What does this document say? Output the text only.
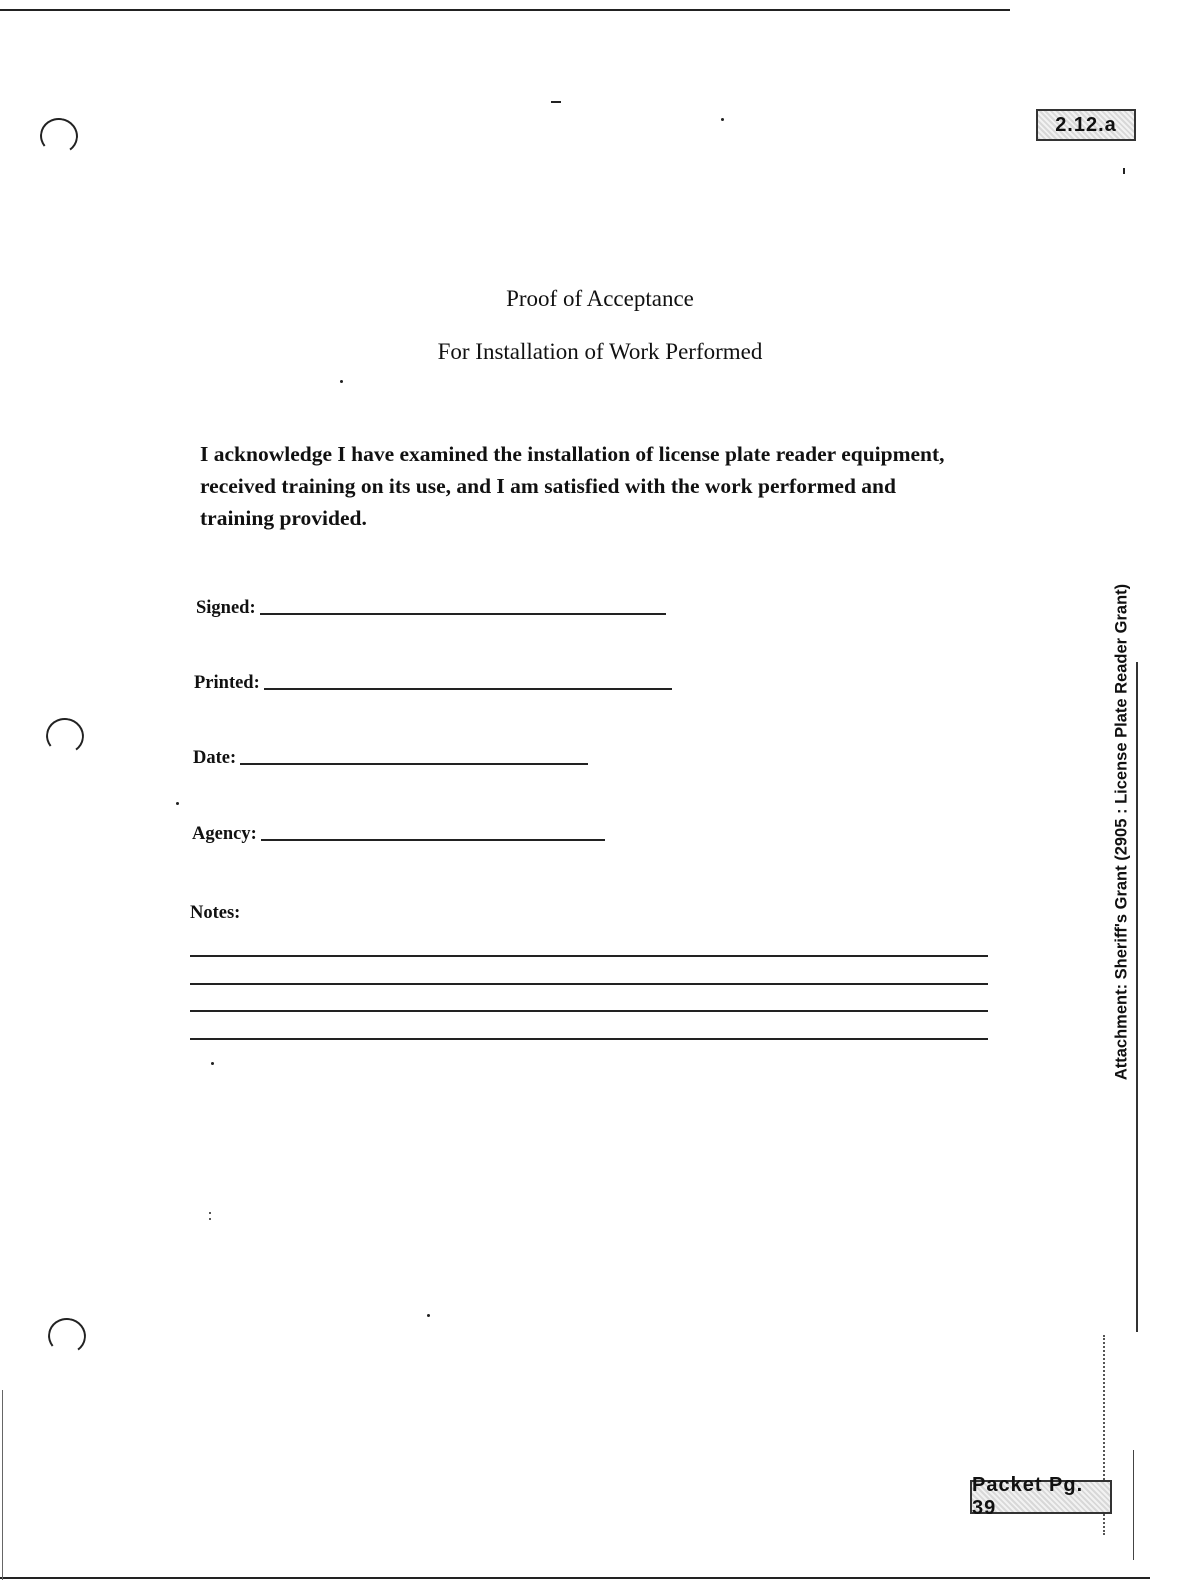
2.12.a
Proof of Acceptance
For Installation of Work Performed

I acknowledge I have examined the installation of license plate reader equipment, received training on its use, and I am satisfied with the work performed and training provided.

Signed:
Printed:
Date:
Agency:
Notes:	Attachment: Sheriff's Grant (2905 : License Plate Reader Grant)
Packet Pg. 39
